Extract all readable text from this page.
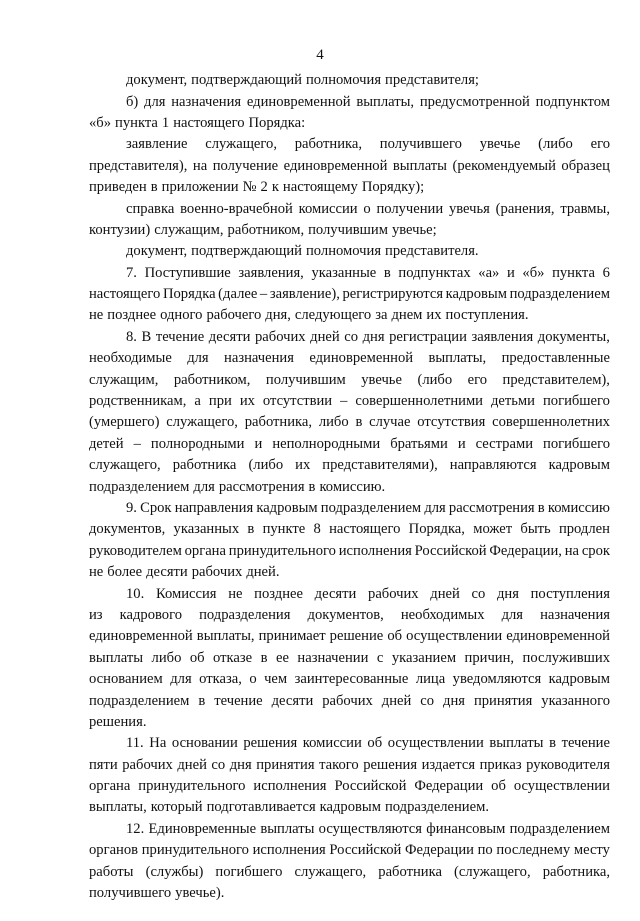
4
документ, подтверждающий полномочия представителя;
б) для назначения единовременной выплаты, предусмотренной подпунктом
«б» пункта 1 настоящего Порядка:
заявление служащего, работника, получившего увечье (либо его
представителя), на получение единовременной выплаты (рекомендуемый образец
приведен в приложении № 2 к настоящему Порядку);
справка военно-врачебной комиссии о получении увечья (ранения, травмы,
контузии) служащим, работником, получившим увечье;
документ, подтверждающий полномочия представителя.
7. Поступившие заявления, указанные в подпунктах «а» и «б» пункта 6
настоящего Порядка (далее – заявление), регистрируются кадровым подразделением
не позднее одного рабочего дня, следующего за днем их поступления.
8. В течение десяти рабочих дней со дня регистрации заявления документы,
необходимые для назначения единовременной выплаты, предоставленные
служащим, работником, получившим увечье (либо его представителем),
родственникам, а при их отсутствии – совершеннолетними детьми погибшего
(умершего) служащего, работника, либо в случае отсутствия совершеннолетних
детей – полнородными и неполнородными братьями и сестрами погибшего
служащего, работника (либо их представителями), направляются кадровым
подразделением для рассмотрения в комиссию.
9. Срок направления кадровым подразделением для рассмотрения в комиссию
документов, указанных в пункте 8 настоящего Порядка, может быть продлен
руководителем органа принудительного исполнения Российской Федерации, на срок
не более десяти рабочих дней.
10. Комиссия не позднее десяти рабочих дней со дня поступления
из кадрового подразделения документов, необходимых для назначения
единовременной выплаты, принимает решение об осуществлении единовременной
выплаты либо об отказе в ее назначении с указанием причин, послуживших
основанием для отказа, о чем заинтересованные лица уведомляются кадровым
подразделением в течение десяти рабочих дней со дня принятия указанного
решения.
11. На основании решения комиссии об осуществлении выплаты в течение
пяти рабочих дней со дня принятия такого решения издается приказ руководителя
органа принудительного исполнения Российской Федерации об осуществлении
выплаты, который подготавливается кадровым подразделением.
12. Единовременные выплаты осуществляются финансовым подразделением
органов принудительного исполнения Российской Федерации по последнему месту
работы (службы) погибшего служащего, работника (служащего, работника,
получившего увечье).
